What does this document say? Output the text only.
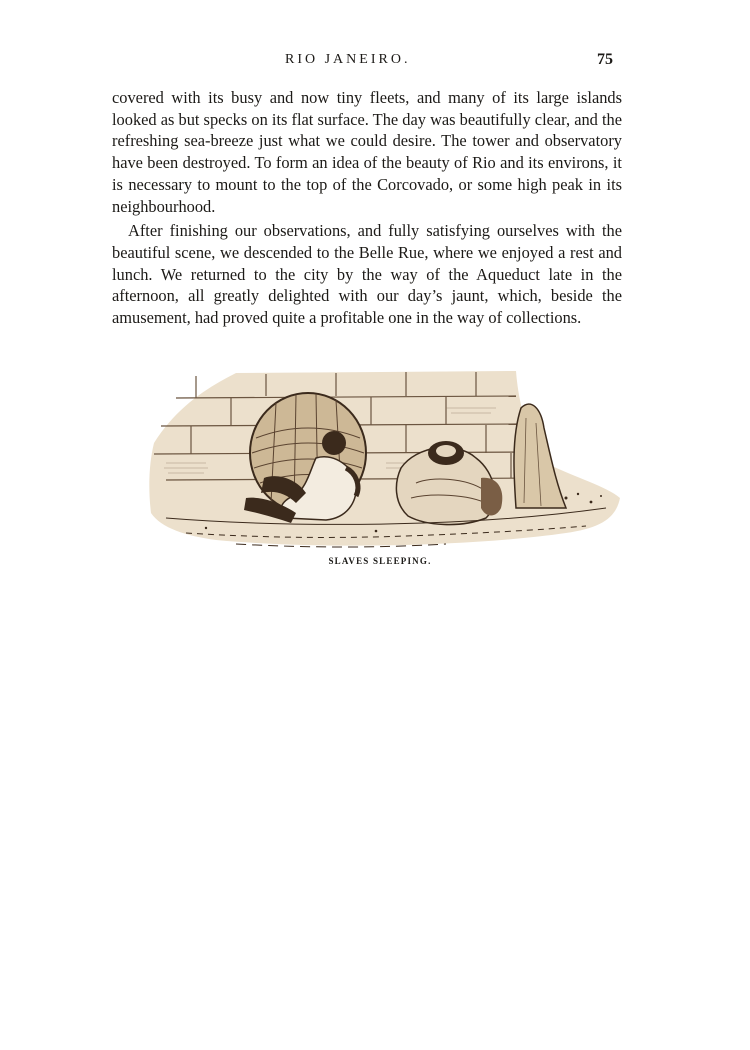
RIO JANEIRO.	75

covered with its busy and now tiny fleets, and many of its large islands looked as but specks on its flat surface. The day was beautifully clear, and the refreshing sea-breeze just what we could desire. The tower and observatory have been destroyed. To form an idea of the beauty of Rio and its environs, it is necessary to mount to the top of the Corcovado, or some high peak in its neighbourhood.

After finishing our observations, and fully satisfying ourselves with the beautiful scene, we descended to the Belle Rue, where we enjoyed a rest and lunch. We returned to the city by the way of the Aqueduct late in the afternoon, all greatly delighted with our day’s jaunt, which, beside the amusement, had proved quite a profitable one in the way of collections.

SLAVES SLEEPING.
